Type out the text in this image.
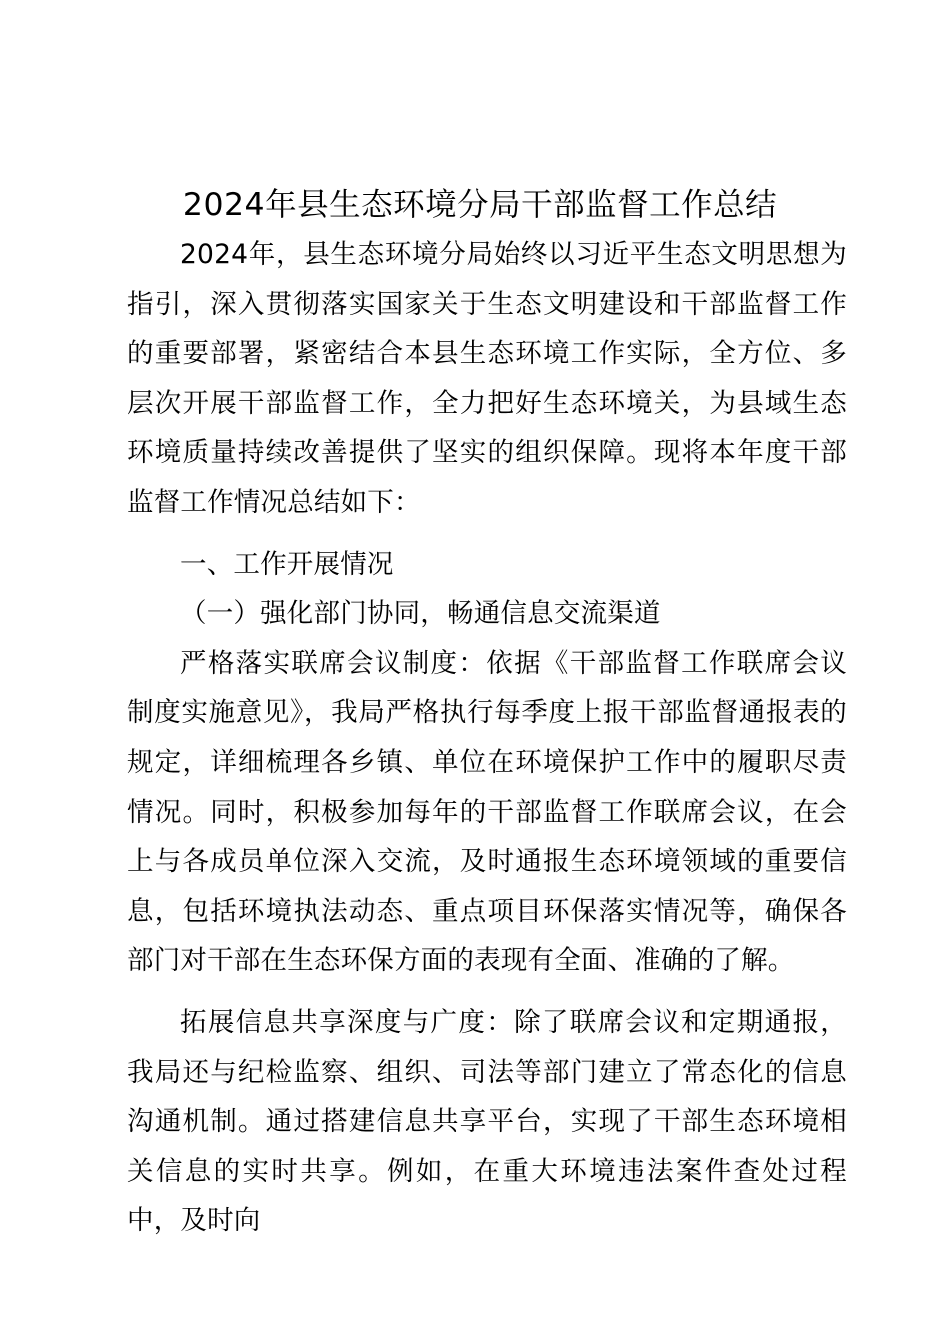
2024年县生态环境分局干部监督工作总结

2024年，县生态环境分局始终以习近平生态文明思想为指引，深入贯彻落实国家关于生态文明建设和干部监督工作的重要部署，紧密结合本县生态环境工作实际，全方位、多层次开展干部监督工作，全力把好生态环境关，为县域生态环境质量持续改善提供了坚实的组织保障。现将本年度干部监督工作情况总结如下：

一、工作开展情况

（一）强化部门协同，畅通信息交流渠道

严格落实联席会议制度：依据《干部监督工作联席会议制度实施意见》，我局严格执行每季度上报干部监督通报表的规定，详细梳理各乡镇、单位在环境保护工作中的履职尽责情况。同时，积极参加每年的干部监督工作联席会议，在会上与各成员单位深入交流，及时通报生态环境领域的重要信息，包括环境执法动态、重点项目环保落实情况等，确保各部门对干部在生态环保方面的表现有全面、准确的了解。

拓展信息共享深度与广度：除了联席会议和定期通报，我局还与纪检监察、组织、司法等部门建立了常态化的信息沟通机制。通过搭建信息共享平台，实现了干部生态环境相关信息的实时共享。例如，在重大环境违法案件查处过程中，及时向
